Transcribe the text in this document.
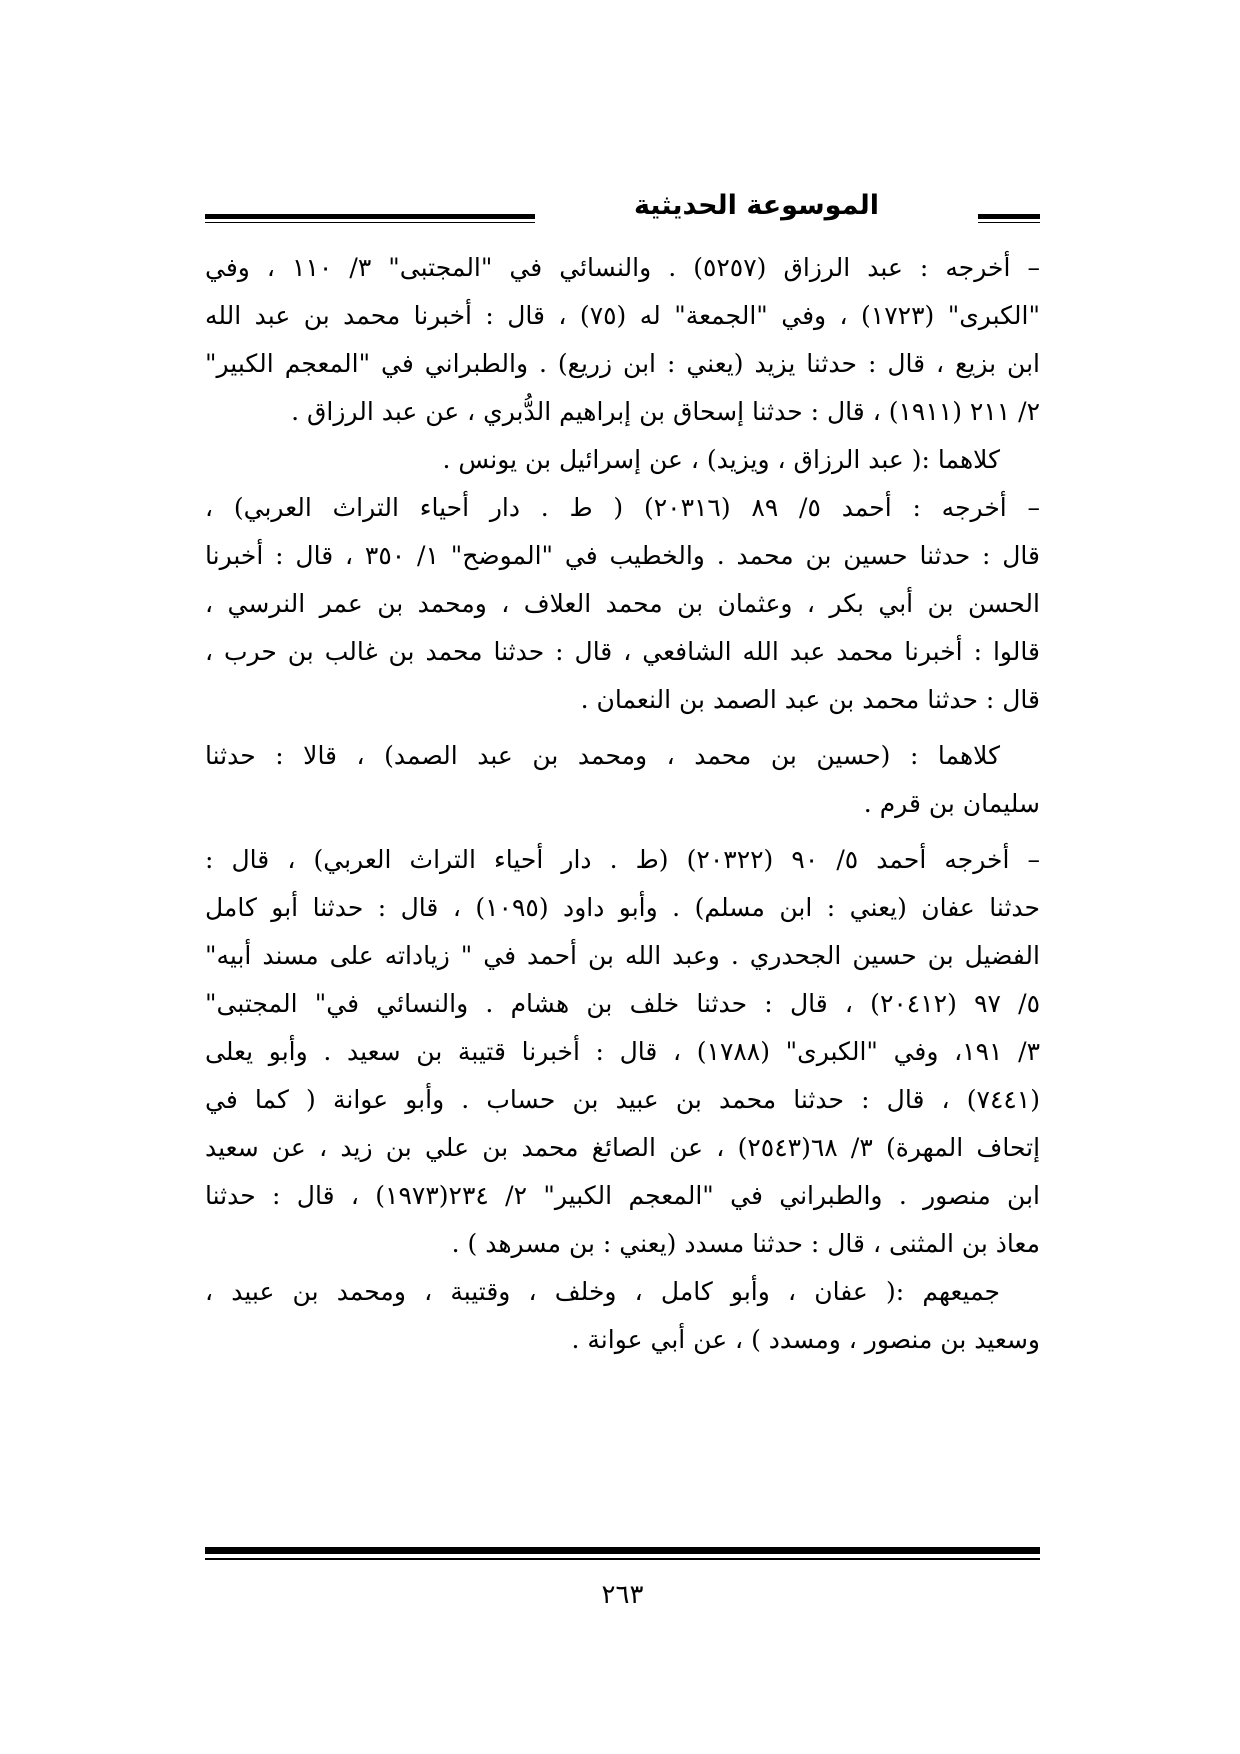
الموسوعة الحديثية
– أخرجه : عبد الرزاق (٥٢٥٧) . والنسائي في "المجتبى" ٣/ ١١٠ ، وفي
"الكبرى" (١٧٢٣) ، وفي "الجمعة" له (٧٥) ، قال : أخبرنا محمد بن عبد الله
ابن بزيع ، قال : حدثنا يزيد (يعني : ابن زريع) . والطبراني في "المعجم الكبير"
٢/ ٢١١ (١٩١١) ، قال : حدثنا إسحاق بن إبراهيم الدُّبري ، عن عبد الرزاق .
كلاهما :( عبد الرزاق ، ويزيد) ، عن إسرائيل بن يونس .
– أخرجه : أحمد ٥/ ٨٩ (٢٠٣١٦) ( ط . دار أحياء التراث العربي) ،
قال : حدثنا حسين بن محمد . والخطيب في "الموضح" ١/ ٣٥٠ ، قال : أخبرنا
الحسن بن أبي بكر ، وعثمان بن محمد العلاف ، ومحمد بن عمر النرسي ،
قالوا : أخبرنا محمد عبد الله الشافعي ، قال : حدثنا محمد بن غالب بن حرب ،
قال : حدثنا محمد بن عبد الصمد بن النعمان .
كلاهما : (حسين بن محمد ، ومحمد بن عبد الصمد) ، قالا : حدثنا
سليمان بن قرم .
– أخرجه أحمد ٥/ ٩٠ (٢٠٣٢٢) (ط . دار أحياء التراث العربي) ، قال :
حدثنا عفان (يعني : ابن مسلم) . وأبو داود (١٠٩٥) ، قال : حدثنا أبو كامل
الفضيل بن حسين الجحدري . وعبد الله بن أحمد في " زياداته على مسند أبيه"
٥/ ٩٧ (٢٠٤١٢) ، قال : حدثنا خلف بن هشام . والنسائي في" المجتبى"
٣/ ١٩١، وفي "الكبرى" (١٧٨٨) ، قال : أخبرنا قتيبة بن سعيد . وأبو يعلى
(٧٤٤١) ، قال : حدثنا محمد بن عبيد بن حساب . وأبو عوانة ( كما في
إتحاف المهرة) ٣/ ٦٨(٢٥٤٣) ، عن الصائغ محمد بن علي بن زيد ، عن سعيد
ابن منصور . والطبراني في "المعجم الكبير" ٢/ ٢٣٤(١٩٧٣) ، قال : حدثنا
معاذ بن المثنى ، قال : حدثنا مسدد (يعني : بن مسرهد ) .
جميعهم :( عفان ، وأبو كامل ، وخلف ، وقتيبة ، ومحمد بن عبيد ،
وسعيد بن منصور ، ومسدد ) ، عن أبي عوانة .
٢٦٣
